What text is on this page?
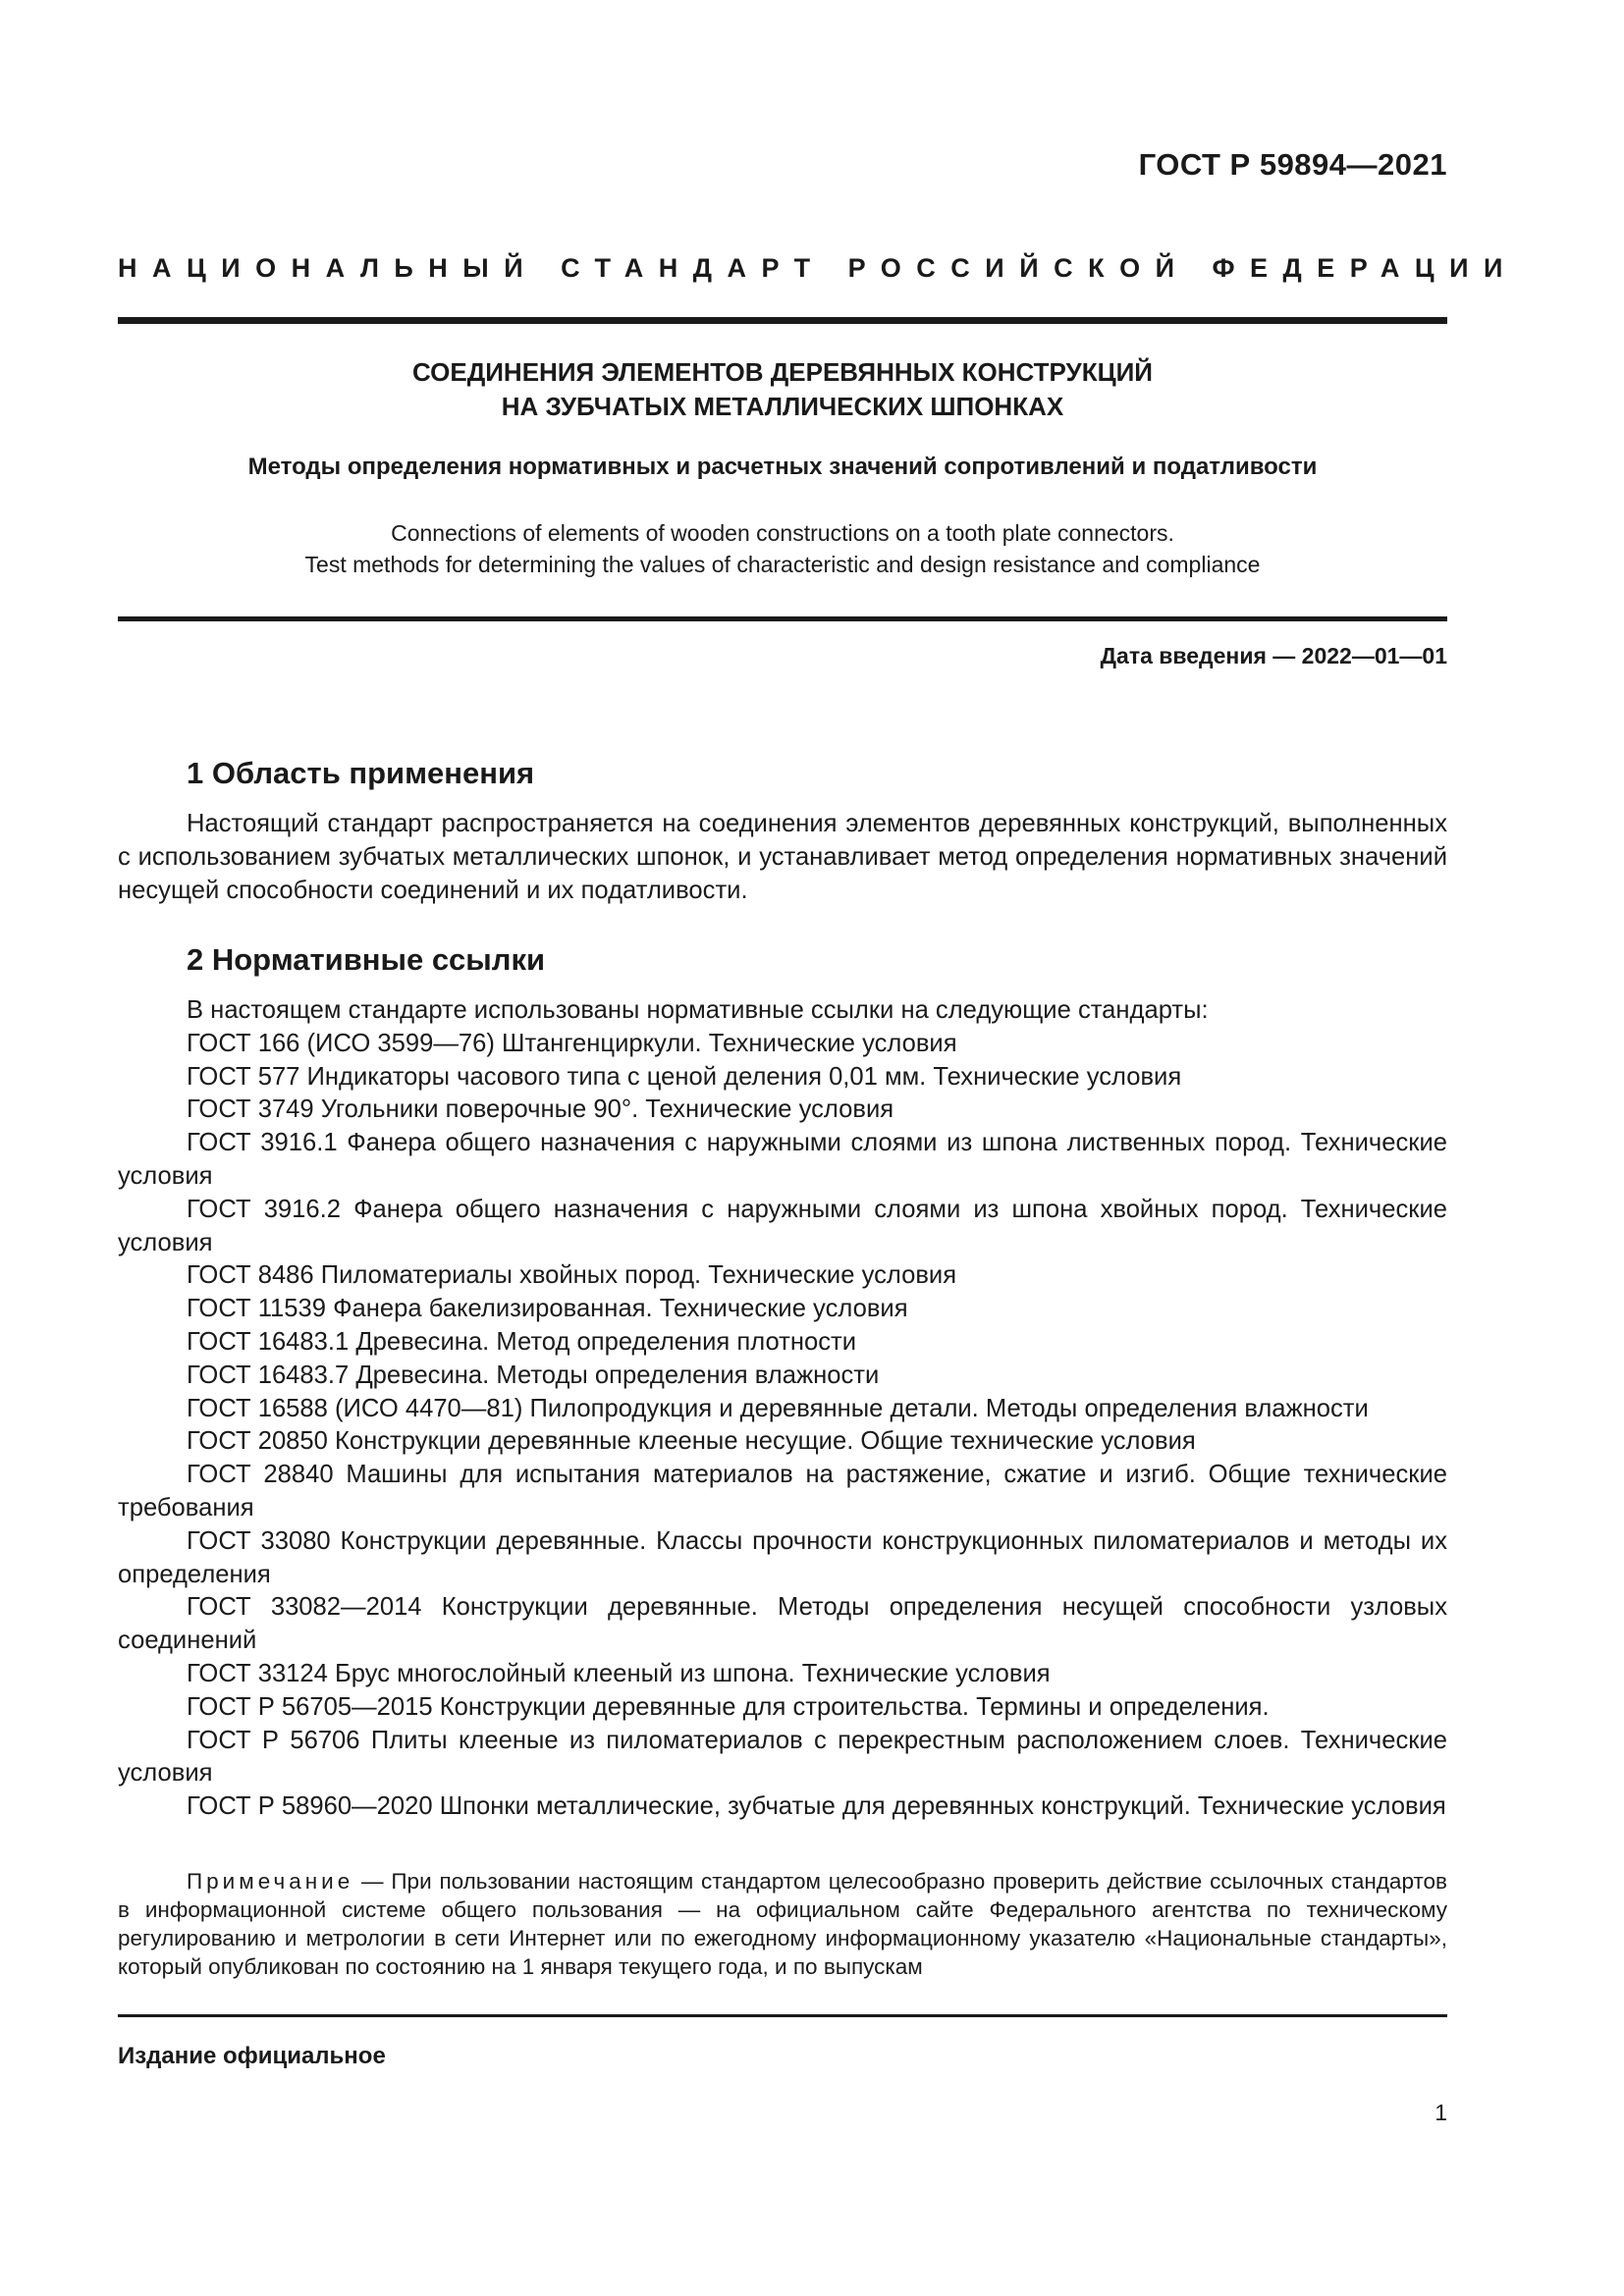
ГОСТ Р 59894—2021
НАЦИОНАЛЬНЫЙ СТАНДАРТ РОССИЙСКОЙ ФЕДЕРАЦИИ
СОЕДИНЕНИЯ ЭЛЕМЕНТОВ ДЕРЕВЯННЫХ КОНСТРУКЦИЙ
НА ЗУБЧАТЫХ МЕТАЛЛИЧЕСКИХ ШПОНКАХ
Методы определения нормативных и расчетных значений сопротивлений и податливости
Connections of elements of wooden constructions on a tooth plate connectors.
Test methods for determining the values of characteristic and design resistance and compliance
Дата введения — 2022—01—01
1 Область применения

Настоящий стандарт распространяется на соединения элементов деревянных конструкций, выполненных с использованием зубчатых металлических шпонок, и устанавливает метод определения нормативных значений несущей способности соединений и их податливости.

2 Нормативные ссылки

В настоящем стандарте использованы нормативные ссылки на следующие стандарты:

ГОСТ 166 (ИСО 3599—76) Штангенциркули. Технические условия

ГОСТ 577 Индикаторы часового типа с ценой деления 0,01 мм. Технические условия

ГОСТ 3749 Угольники поверочные 90°. Технические условия

ГОСТ 3916.1 Фанера общего назначения с наружными слоями из шпона лиственных пород. Технические условия

ГОСТ 3916.2 Фанера общего назначения с наружными слоями из шпона хвойных пород. Технические условия

ГОСТ 8486 Пиломатериалы хвойных пород. Технические условия

ГОСТ 11539 Фанера бакелизированная. Технические условия

ГОСТ 16483.1 Древесина. Метод определения плотности

ГОСТ 16483.7 Древесина. Методы определения влажности

ГОСТ 16588 (ИСО 4470—81) Пилопродукция и деревянные детали. Методы определения влажности

ГОСТ 20850 Конструкции деревянные клееные несущие. Общие технические условия

ГОСТ 28840 Машины для испытания материалов на растяжение, сжатие и изгиб. Общие технические требования

ГОСТ 33080 Конструкции деревянные. Классы прочности конструкционных пиломатериалов и методы их определения

ГОСТ 33082—2014 Конструкции деревянные. Методы определения несущей способности узловых соединений

ГОСТ 33124 Брус многослойный клееный из шпона. Технические условия

ГОСТ Р 56705—2015 Конструкции деревянные для строительства. Термины и определения.

ГОСТ Р 56706 Плиты клееные из пиломатериалов с перекрестным расположением слоев. Технические условия

ГОСТ Р 58960—2020 Шпонки металлические, зубчатые для деревянных конструкций. Технические условия

Примечание — При пользовании настоящим стандартом целесообразно проверить действие ссылочных стандартов в информационной системе общего пользования — на официальном сайте Федерального агентства по техническому регулированию и метрологии в сети Интернет или по ежегодному информационному указателю «Национальные стандарты», который опубликован по состоянию на 1 января текущего года, и по выпускам

Издание официальное
1
